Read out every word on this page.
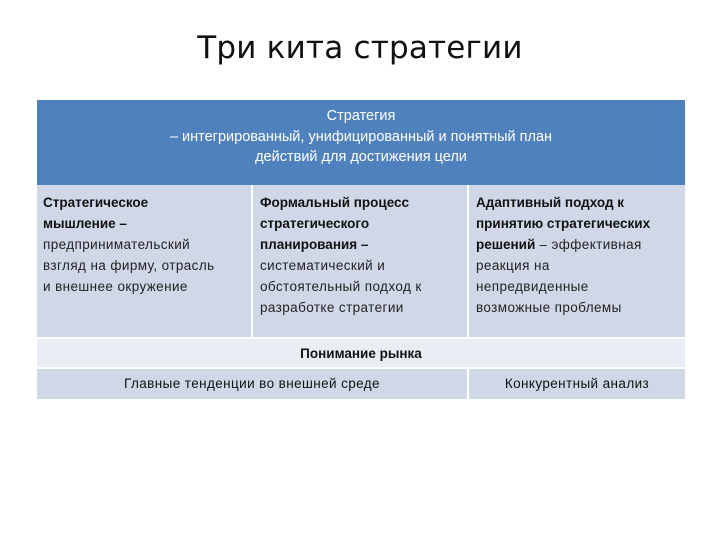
Три кита стратегии
Стратегия
– интегрированный, унифицированный и понятный план
действий для достижения цели

Стратегическое

мышление –

предпринимательский

взгляд на фирму, отрасль

и внешнее окружение

Формальный процесс

стратегического

планирования –

систематический и

обстоятельный подход к

разработке стратегии

Адаптивный подход к

принятию стратегических

решений – эффективная

реакция на

непредвиденные

возможные проблемы

Понимание рынка
Главные тенденции во внешней среде	Конкурентный анализ
